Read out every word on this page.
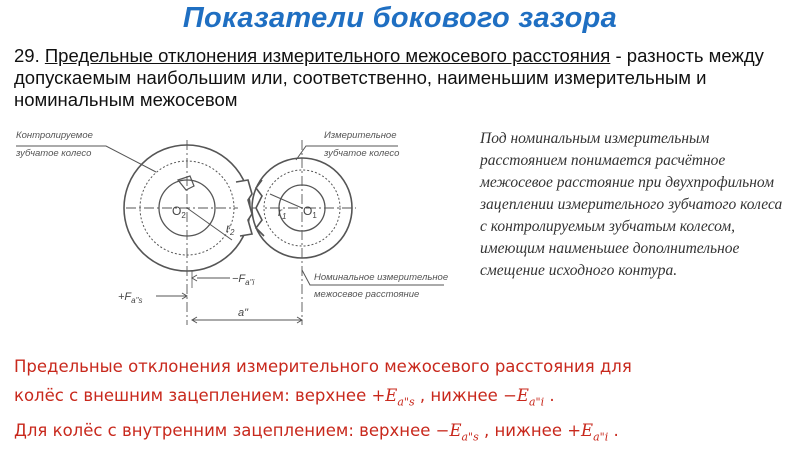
Показатели бокового зазора
29. Предельные отклонения измерительного межосевого расстояния - разность между допускаемым наибольшим или, соответственно, наименьшим измерительным и номинальным межосевом
Контролируемое
зубчатое колесо
Измерительное
зубчатое колесо
Номинальное измерительное
межосевое расстояние
$O_2$	$O_1$
$r_1$
$r_2$
$-F_{a"i}$
$+F_{a"s}$
a"
Под номинальным измерительным расстоянием понимается расчётное межосевое расстояние при двухпрофильном зацеплении измерительного зубчатого колеса с контролируемым зубчатым колесом, имеющим наименьшее дополнительное смещение исходного контура.
Предельные отклонения измерительного межосевого расстояния для
колёс с внешним зацеплением: верхнее $+E_{a"s}$ , нижнее $-E_{a"i}$ .
Для колёс с внутренним зацеплением: верхнее $-E_{a"s}$ , нижнее $+E_{a"i}$ .
